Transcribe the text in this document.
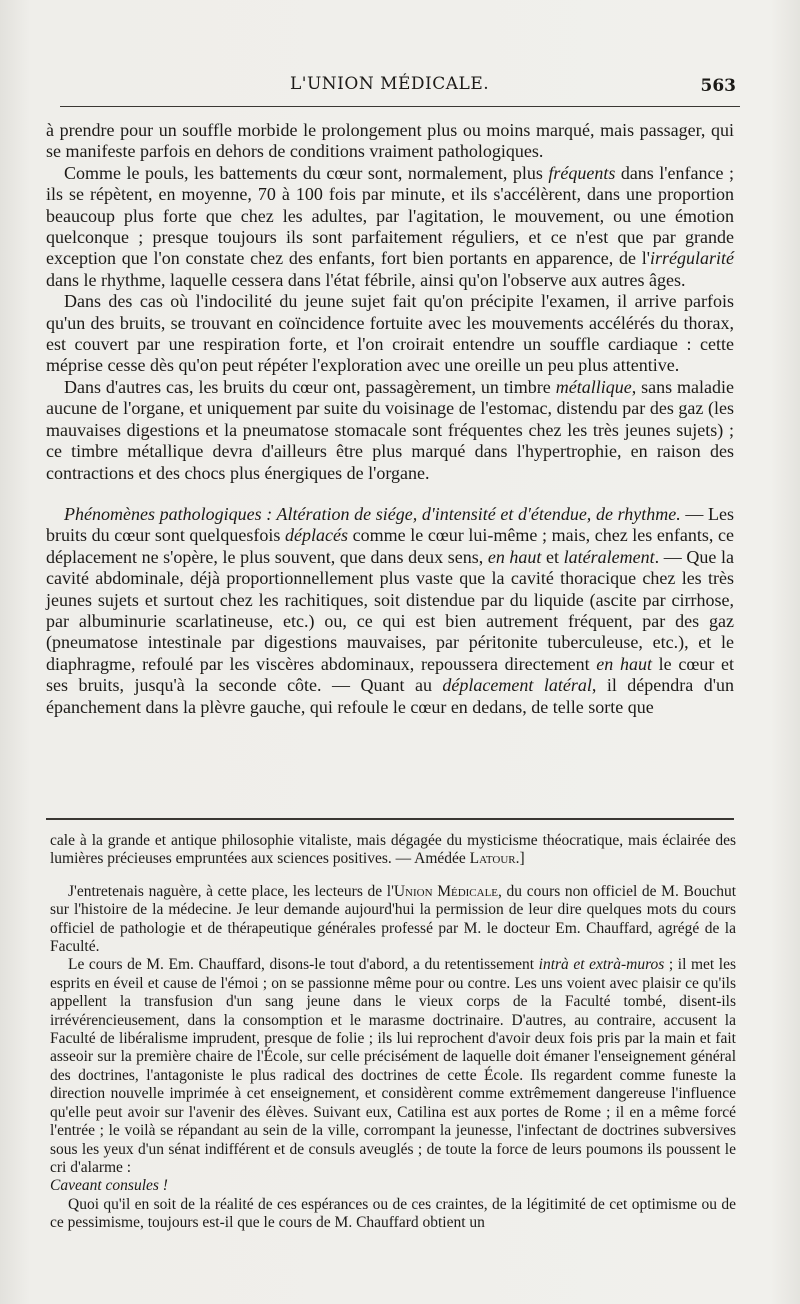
L'UNION MÉDICALE.	563

à prendre pour un souffle morbide le prolongement plus ou moins marqué, mais passager, qui se manifeste parfois en dehors de conditions vraiment pathologiques.

Comme le pouls, les battements du cœur sont, normalement, plus fréquents dans l'enfance ; ils se répètent, en moyenne, 70 à 100 fois par minute, et ils s'accélèrent, dans une proportion beaucoup plus forte que chez les adultes, par l'agitation, le mouvement, ou une émotion quelconque ; presque toujours ils sont parfaitement réguliers, et ce n'est que par grande exception que l'on constate chez des enfants, fort bien portants en apparence, de l'irrégularité dans le rhythme, laquelle cessera dans l'état fébrile, ainsi qu'on l'observe aux autres âges.

Dans des cas où l'indocilité du jeune sujet fait qu'on précipite l'examen, il arrive parfois qu'un des bruits, se trouvant en coïncidence fortuite avec les mouvements accélérés du thorax, est couvert par une respiration forte, et l'on croirait entendre un souffle cardiaque : cette méprise cesse dès qu'on peut répéter l'exploration avec une oreille un peu plus attentive.

Dans d'autres cas, les bruits du cœur ont, passagèrement, un timbre métallique, sans maladie aucune de l'organe, et uniquement par suite du voisinage de l'estomac, distendu par des gaz (les mauvaises digestions et la pneumatose stomacale sont fréquentes chez les très jeunes sujets) ; ce timbre métallique devra d'ailleurs être plus marqué dans l'hypertrophie, en raison des contractions et des chocs plus énergiques de l'organe.

Phénomènes pathologiques : Altération de siége, d'intensité et d'étendue, de rhythme. — Les bruits du cœur sont quelquesfois déplacés comme le cœur lui-même ; mais, chez les enfants, ce déplacement ne s'opère, le plus souvent, que dans deux sens, en haut et latéralement. — Que la cavité abdominale, déjà proportionnellement plus vaste que la cavité thoracique chez les très jeunes sujets et surtout chez les rachitiques, soit distendue par du liquide (ascite par cirrhose, par albuminurie scarlatineuse, etc.) ou, ce qui est bien autrement fréquent, par des gaz (pneumatose intestinale par digestions mauvaises, par péritonite tuberculeuse, etc.), et le diaphragme, refoulé par les viscères abdominaux, repoussera directement en haut le cœur et ses bruits, jusqu'à la seconde côte. — Quant au déplacement latéral, il dépendra d'un épanchement dans la plèvre gauche, qui refoule le cœur en dedans, de telle sorte que

cale à la grande et antique philosophie vitaliste, mais dégagée du mysticisme théocratique, mais éclairée des lumières précieuses empruntées aux sciences positives. — Amédée Latour.]

J'entretenais naguère, à cette place, les lecteurs de l'Union Médicale, du cours non officiel de M. Bouchut sur l'histoire de la médecine. Je leur demande aujourd'hui la permission de leur dire quelques mots du cours officiel de pathologie et de thérapeutique générales professé par M. le docteur Em. Chauffard, agrégé de la Faculté.

Le cours de M. Em. Chauffard, disons-le tout d'abord, a du retentissement intrà et extrà-muros ; il met les esprits en éveil et cause de l'émoi ; on se passionne même pour ou contre. Les uns voient avec plaisir ce qu'ils appellent la transfusion d'un sang jeune dans le vieux corps de la Faculté tombé, disent-ils irrévérencieusement, dans la consomption et le marasme doctrinaire. D'autres, au contraire, accusent la Faculté de libéralisme imprudent, presque de folie ; ils lui reprochent d'avoir deux fois pris par la main et fait asseoir sur la première chaire de l'École, sur celle précisément de laquelle doit émaner l'enseignement général des doctrines, l'antagoniste le plus radical des doctrines de cette École. Ils regardent comme funeste la direction nouvelle imprimée à cet enseignement, et considèrent comme extrêmement dangereuse l'influence qu'elle peut avoir sur l'avenir des élèves. Suivant eux, Catilina est aux portes de Rome ; il en a même forcé l'entrée ; le voilà se répandant au sein de la ville, corrompant la jeunesse, l'infectant de doctrines subversives sous les yeux d'un sénat indifférent et de consuls aveuglés ; de toute la force de leurs poumons ils poussent le cri d'alarme :

Caveant consules !

Quoi qu'il en soit de la réalité de ces espérances ou de ces craintes, de la légitimité de cet optimisme ou de ce pessimisme, toujours est-il que le cours de M. Chauffard obtient un
